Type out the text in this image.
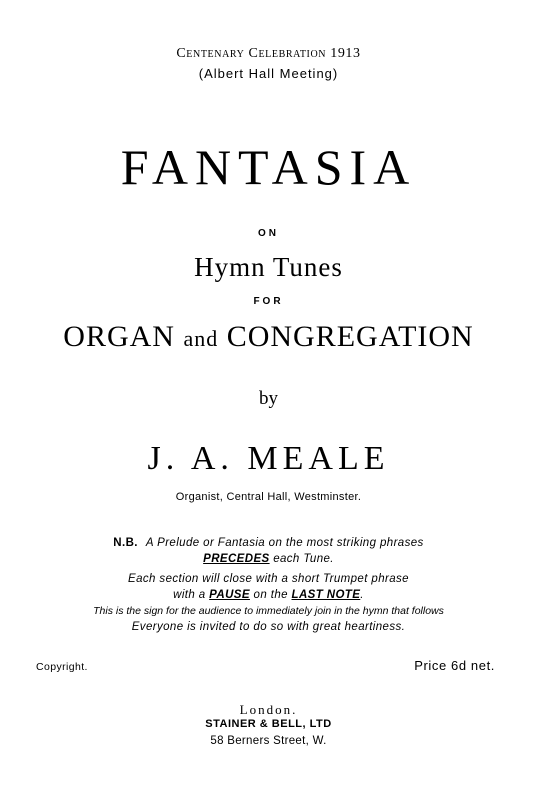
Centenary Celebration 1913
(Albert Hall Meeting)
FANTASIA
ON
Hymn Tunes
FOR
ORGAN and CONGREGATION
by
J. A. MEALE
Organist, Central Hall, Westminster.
N.B. A Prelude or Fantasia on the most striking phrases
PRECEDES each Tune.
Each section will close with a short Trumpet phrase
with a PAUSE on the LAST NOTE.
This is the sign for the audience to immediately join in the hymn that follows
Everyone is invited to do so with great heartiness.
Copyright.	Price 6d net.
London.
STAINER & BELL, LTD
58 Berners Street, W.
